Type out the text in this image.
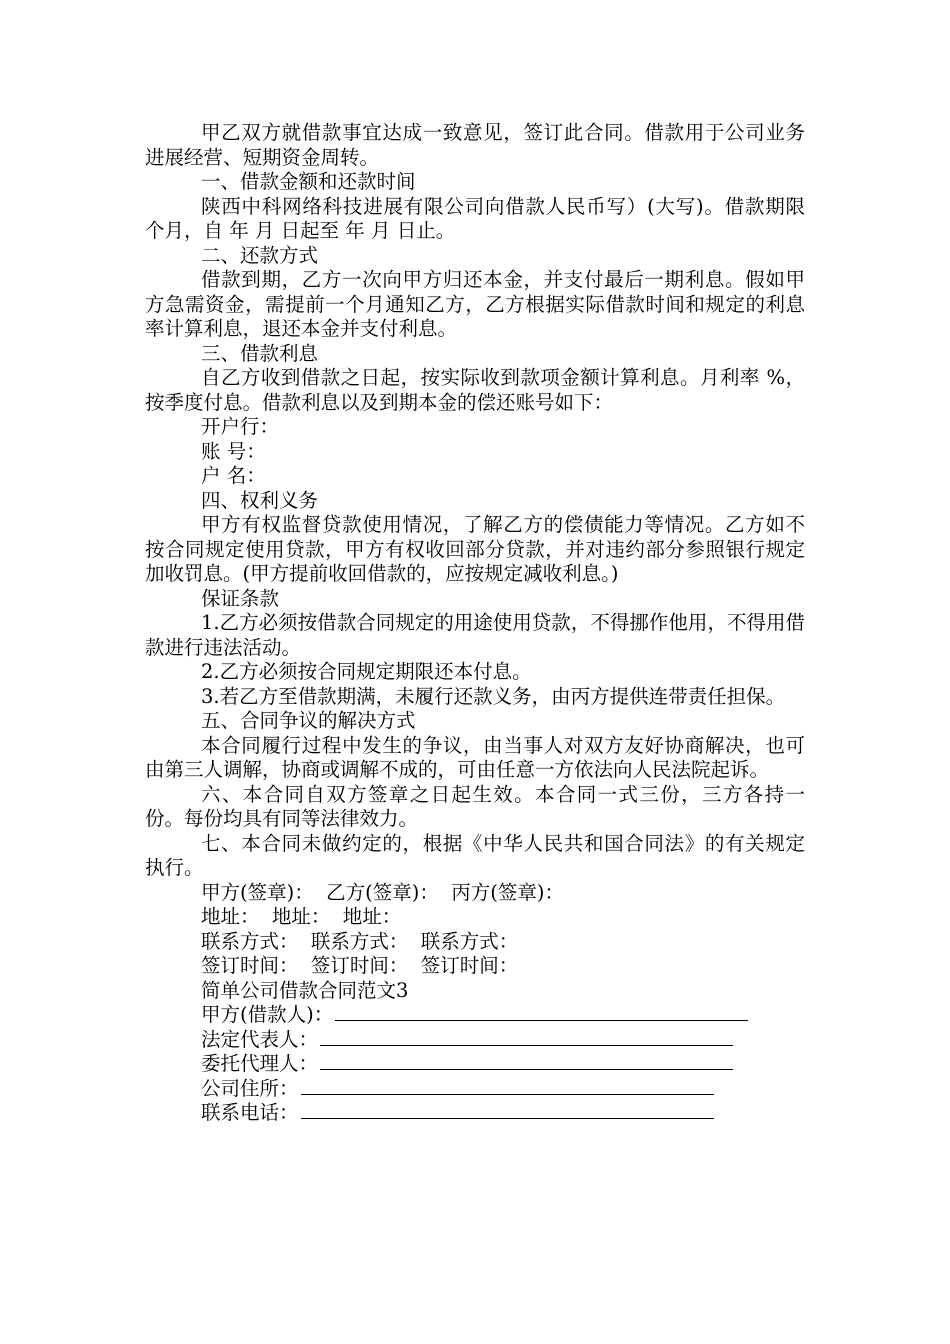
甲乙双方就借款事宜达成一致意见，签订此合同。借款用于公司业务进展经营、短期资金周转。

一、借款金额和还款时间

陕西中科网络科技进展有限公司向借款人民币写）(大写)。借款期限 个月，自 年 月 日起至 年 月 日止。

二、还款方式

借款到期，乙方一次向甲方归还本金，并支付最后一期利息。假如甲方急需资金，需提前一个月通知乙方，乙方根据实际借款时间和规定的利息率计算利息，退还本金并支付利息。

三、借款利息

自乙方收到借款之日起，按实际收到款项金额计算利息。月利率 %，按季度付息。借款利息以及到期本金的偿还账号如下：

开户行：

账 号：

户 名：

四、权利义务

甲方有权监督贷款使用情况，了解乙方的偿债能力等情况。乙方如不按合同规定使用贷款，甲方有权收回部分贷款，并对违约部分参照银行规定加收罚息。(甲方提前收回借款的，应按规定减收利息。)

保证条款

1.乙方必须按借款合同规定的用途使用贷款，不得挪作他用，不得用借款进行违法活动。

2.乙方必须按合同规定期限还本付息。

3.若乙方至借款期满，未履行还款义务，由丙方提供连带责任担保。

五、合同争议的解决方式

本合同履行过程中发生的争议，由当事人对双方友好协商解决，也可由第三人调解，协商或调解不成的，可由任意一方依法向人民法院起诉。

六、本合同自双方签章之日起生效。本合同一式三份，三方各持一份。每份均具有同等法律效力。

七、本合同未做约定的，根据《中华人民共和国合同法》的有关规定执行。

甲方(签章)：  乙方(签章)：  丙方(签章)：

地址：  地址：  地址：

联系方式：  联系方式：  联系方式：

签订时间：  签订时间：  签订时间：

简单公司借款合同范文3

甲方(借款人)：
法定代表人：
委托代理人：
公司住所：
联系电话：
